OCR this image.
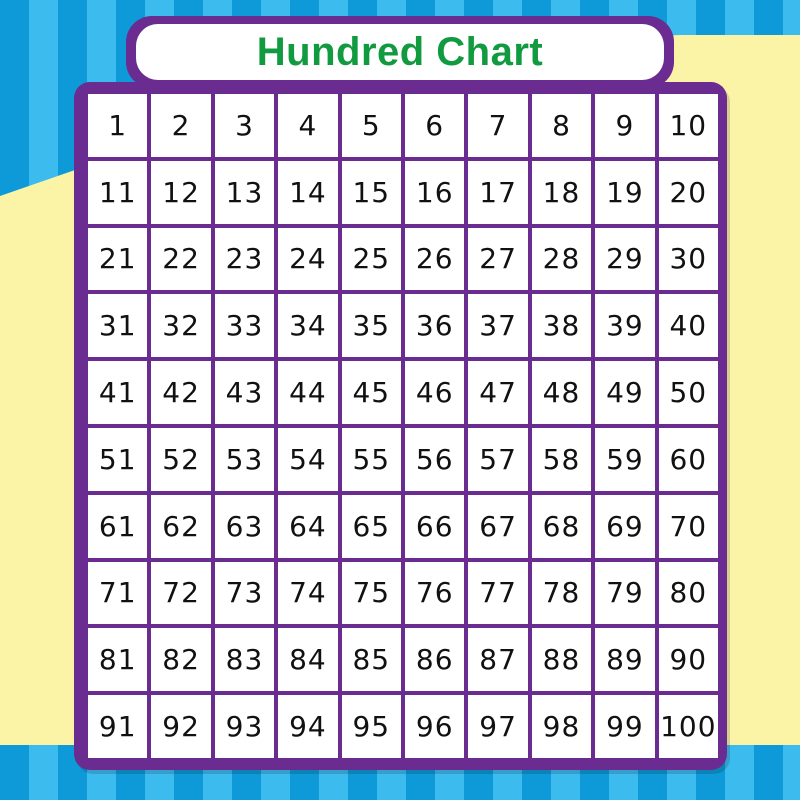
Hundred Chart
1	2	3	4	5	6	7	8	9	10
11 12 13 14 15 16 17 18 19 20
21 22 23 24 25 26 27 28 29 30
31 32 33 34 35 36 37 38 39 40
41 42 43 44 45 46 47 48 49 50
51 52 53 54 55 56 57 58 59 60
61 62 63 64 65 66 67 68 69 70
71 72 73 74 75 76 77 78 79 80
81 82 83 84 85 86 87 88 89 90
91 92 93 94 95 96 97 98 99 100
